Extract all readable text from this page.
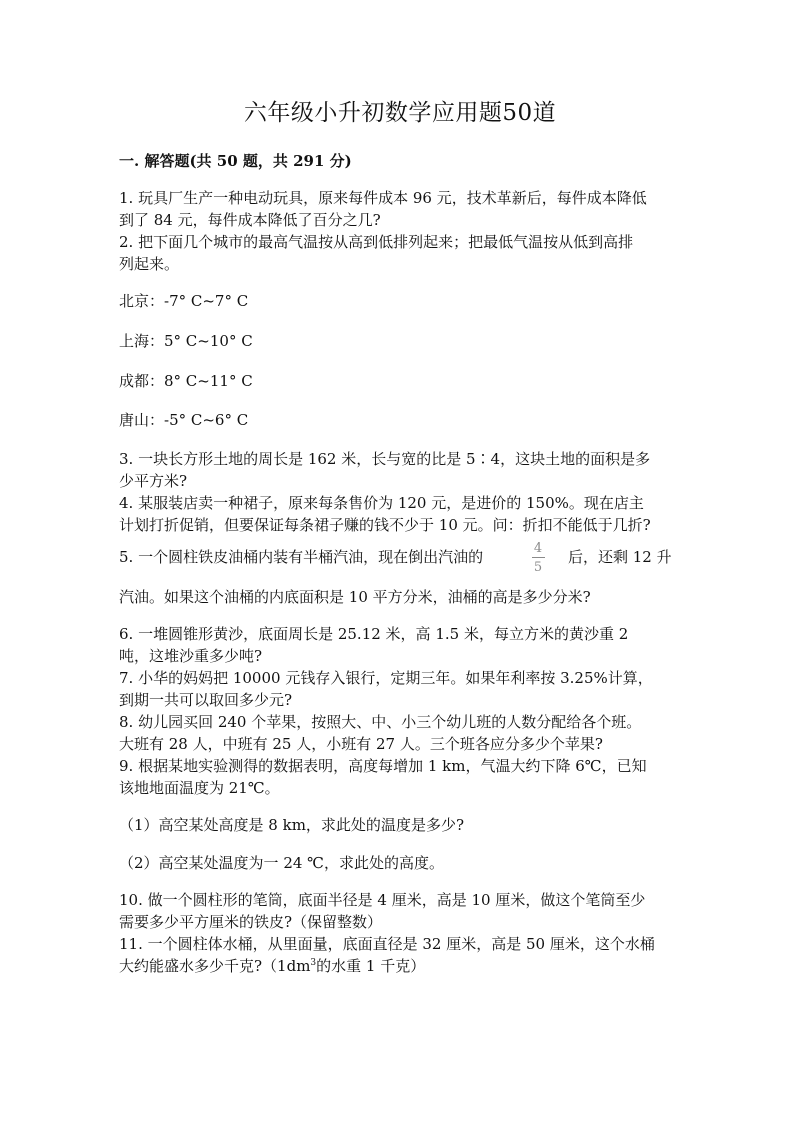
六年级小升初数学应用题50道
一. 解答题(共 50 题，共 291 分)
1. 玩具厂生产一种电动玩具，原来每件成本 96 元，技术革新后，每件成本降低
到了 84 元，每件成本降低了百分之几?
2. 把下面几个城市的最高气温按从高到低排列起来；把最低气温按从低到高排
列起来。
北京：-7° C~7° C
上海：5° C~10° C
成都：8° C~11° C
唐山：-5° C~6° C
3. 一块长方形土地的周长是 162 米，长与宽的比是 5∶4，这块土地的面积是多
少平方米?
4. 某服装店卖一种裙子，原来每条售价为 120 元，是进价的 150%。现在店主
计划打折促销，但要保证每条裙子赚的钱不少于 10 元。问：折扣不能低于几折?
5. 一个圆柱铁皮油桶内装有半桶汽油，现在倒出汽油的	4
5
后，还剩 12 升
汽油。如果这个油桶的内底面积是 10 平方分米，油桶的高是多少分米?
6. 一堆圆锥形黄沙，底面周长是 25.12 米，高 1.5 米，每立方米的黄沙重 2
吨，这堆沙重多少吨?
7. 小华的妈妈把 10000 元钱存入银行，定期三年。如果年利率按 3.25%计算，
到期一共可以取回多少元?
8. 幼儿园买回 240 个苹果，按照大、中、小三个幼儿班的人数分配给各个班。
大班有 28 人，中班有 25 人，小班有 27 人。三个班各应分多少个苹果?
9. 根据某地实验测得的数据表明，高度每增加 1 km，气温大约下降 6℃，已知
该地地面温度为 21℃。
（1）高空某处高度是 8 km，求此处的温度是多少?
（2）高空某处温度为一 24 ℃，求此处的高度。
10. 做一个圆柱形的笔筒，底面半径是 4 厘米，高是 10 厘米，做这个笔筒至少
需要多少平方厘米的铁皮?（保留整数）
11. 一个圆柱体水桶，从里面量，底面直径是 32 厘米，高是 50 厘米，这个水桶
大约能盛水多少千克$?(1dm^3$的水重 1 千克）
